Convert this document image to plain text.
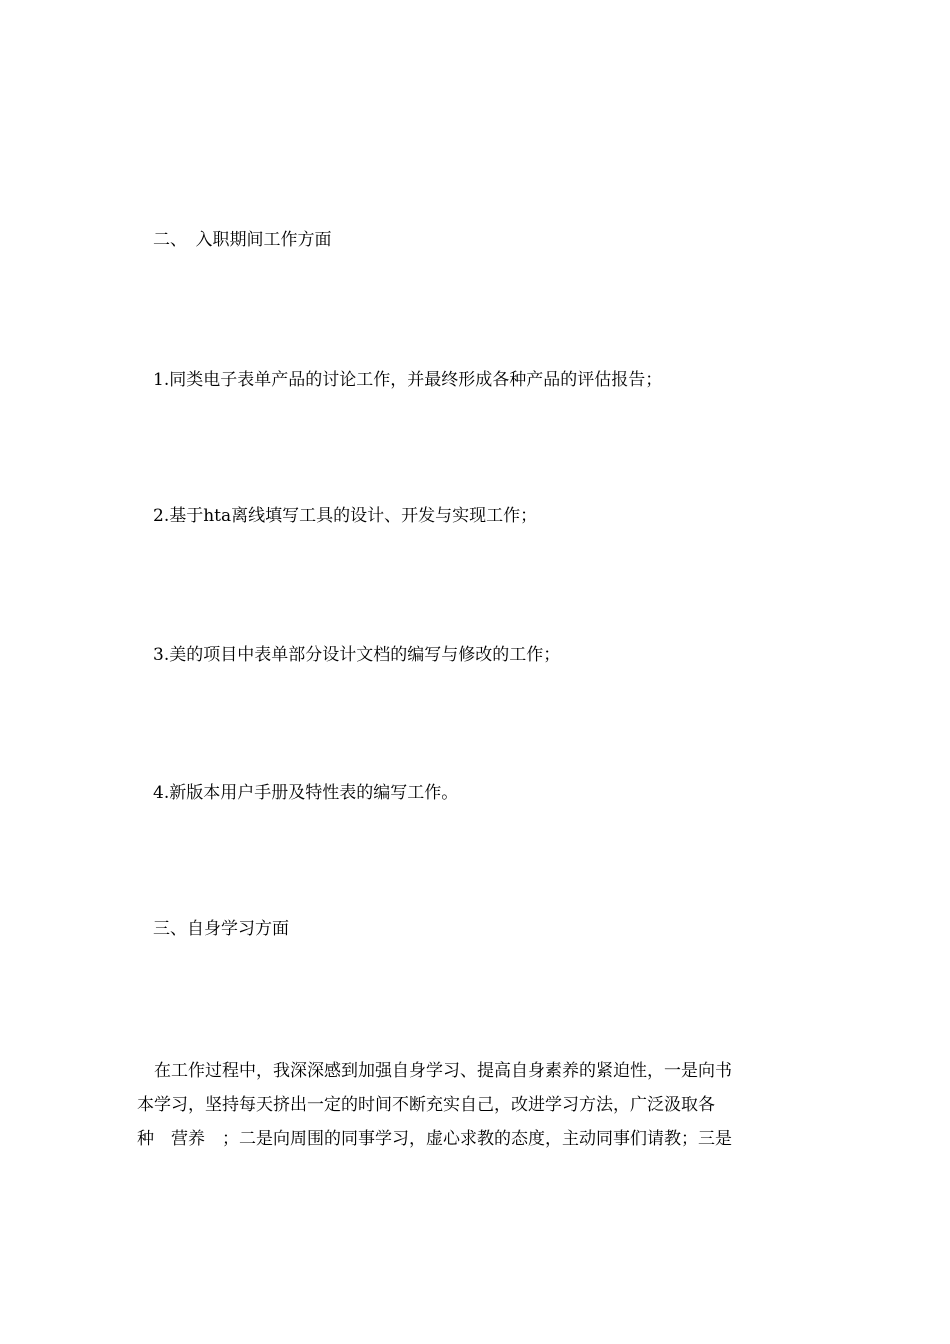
二、　入职期间工作方面
1.同类电子表单产品的讨论工作，并最终形成各种产品的评估报告；
2.基于hta离线填写工具的设计、开发与实现工作；
3.美的项目中表单部分设计文档的编写与修改的工作；
4.新版本用户手册及特性表的编写工作。
三、自身学习方面
在工作过程中，我深深感到加强自身学习、提高自身素养的紧迫性，一是向书
本学习，坚持每天挤出一定的时间不断充实自己，改进学习方法，广泛汲取各
种　营养　；二是向周围的同事学习，虚心求教的态度，主动同事们请教；三是
